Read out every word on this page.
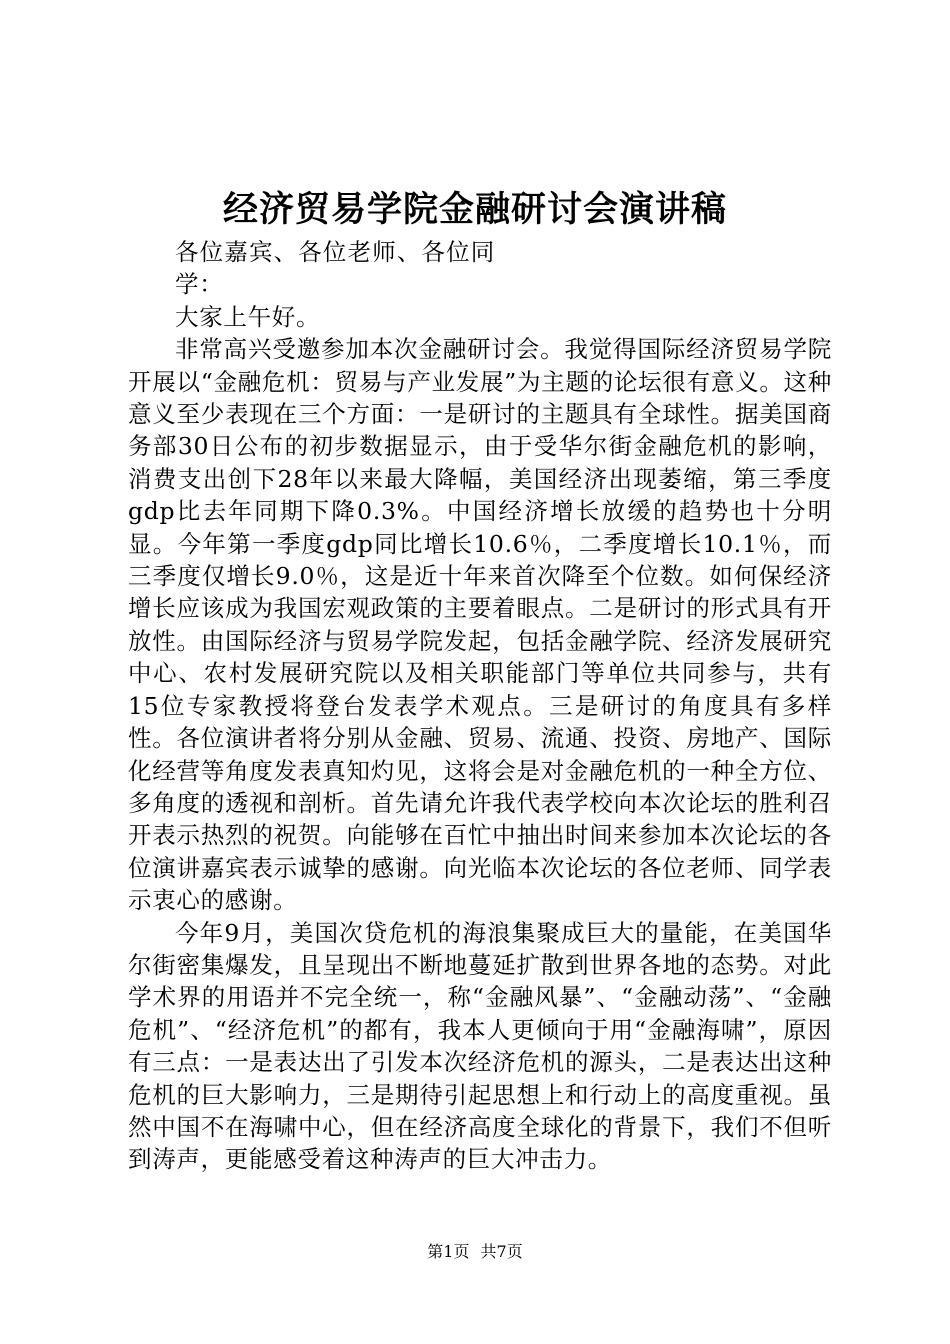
经济贸易学院金融研讨会演讲稿

各位嘉宾、各位老师、各位同学：

大家上午好。

非常高兴受邀参加本次金融研讨会。我觉得国际经济贸易学院开展以“金融危机：贸易与产业发展”为主题的论坛很有意义。这种意义至少表现在三个方面：一是研讨的主题具有全球性。据美国商务部30日公布的初步数据显示，由于受华尔街金融危机的影响，消费支出创下28年以来最大降幅，美国经济出现萎缩，第三季度gdp比去年同期下降0.3%。中国经济增长放缓的趋势也十分明显。今年第一季度gdp同比增长10.6％，二季度增长10.1％，而三季度仅增长9.0％，这是近十年来首次降至个位数。如何保经济增长应该成为我国宏观政策的主要着眼点。二是研讨的形式具有开放性。由国际经济与贸易学院发起，包括金融学院、经济发展研究中心、农村发展研究院以及相关职能部门等单位共同参与，共有15位专家教授将登台发表学术观点。三是研讨的角度具有多样性。各位演讲者将分别从金融、贸易、流通、投资、房地产、国际化经营等角度发表真知灼见，这将会是对金融危机的一种全方位、多角度的透视和剖析。首先请允许我代表学校向本次论坛的胜利召开表示热烈的祝贺。向能够在百忙中抽出时间来参加本次论坛的各位演讲嘉宾表示诚挚的感谢。向光临本次论坛的各位老师、同学表示衷心的感谢。

今年9月，美国次贷危机的海浪集聚成巨大的量能，在美国华尔街密集爆发，且呈现出不断地蔓延扩散到世界各地的态势。对此学术界的用语并不完全统一，称“金融风暴”、“金融动荡”、“金融危机”、“经济危机”的都有，我本人更倾向于用“金融海啸”，原因有三点：一是表达出了引发本次经济危机的源头，二是表达出这种危机的巨大影响力，三是期待引起思想上和行动上的高度重视。虽然中国不在海啸中心，但在经济高度全球化的背景下，我们不但听到涛声，更能感受着这种涛声的巨大冲击力。

第1页 共7页
